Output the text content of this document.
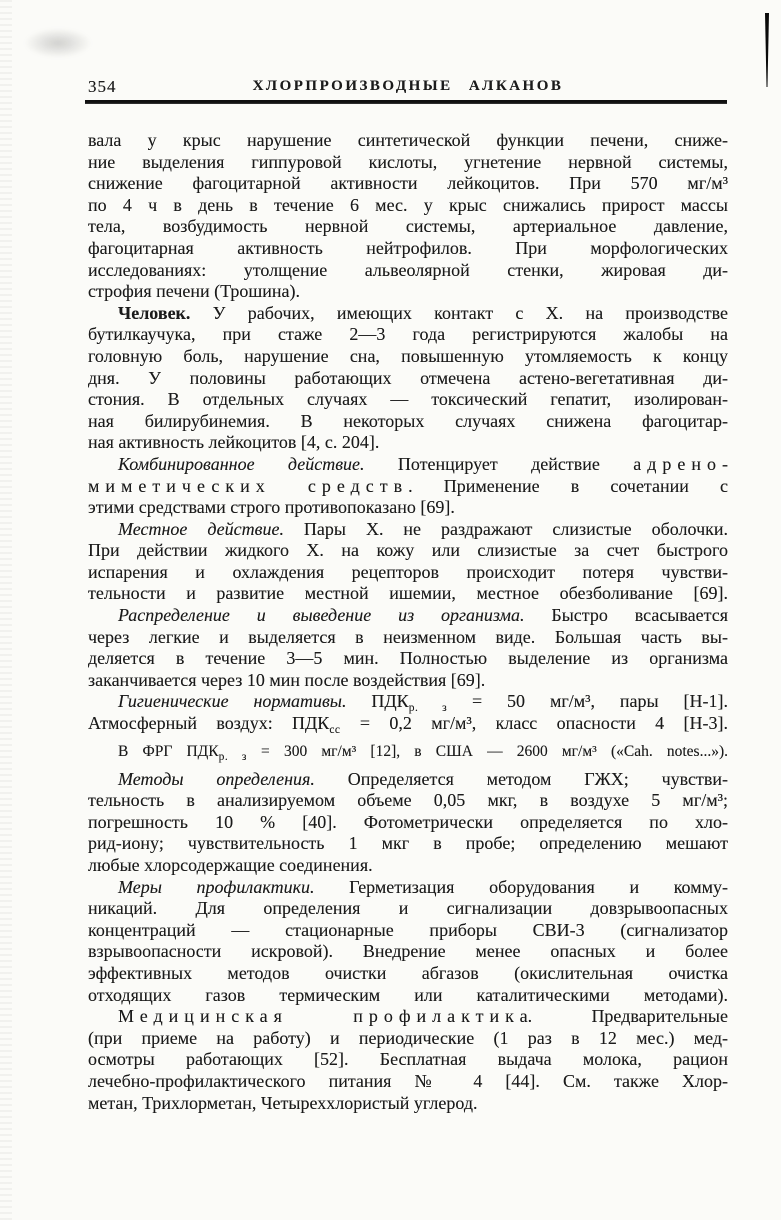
354	ХЛОРПРОИЗВОДНЫЕ АЛКАНОВ
вала у крыс нарушение синтетической функции печени, сниже-
ние выделения гиппуровой кислоты, угнетение нервной системы,
снижение фагоцитарной активности лейкоцитов. При 570 мг/м³
по 4 ч в день в течение 6 мес. у крыс снижались прирост массы
тела, возбудимость нервной системы, артериальное давление,
фагоцитарная активность нейтрофилов. При морфологических
исследованиях: утолщение альвеолярной стенки, жировая ди-
строфия печени (Трошина).
Человек. У рабочих, имеющих контакт с Х. на производстве
бутилкаучука, при стаже 2—3 года регистрируются жалобы на
головную боль, нарушение сна, повышенную утомляемость к концу
дня. У половины работающих отмечена астено-вегетативная ди-
стония. В отдельных случаях — токсический гепатит, изолирован-
ная билирубинемия. В некоторых случаях снижена фагоцитар-
ная активность лейкоцитов [4, с. 204].
Комбинированное действие. Потенцирует действие адрено-
миметических средств. Применение в сочетании с
этими средствами строго противопоказано [69].
Местное действие. Пары Х. не раздражают слизистые оболочки.
При действии жидкого Х. на кожу или слизистые за счет быстрого
испарения и охлаждения рецепторов происходит потеря чувстви-
тельности и развитие местной ишемии, местное обезболивание [69].
Распределение и выведение из организма. Быстро всасывается
через легкие и выделяется в неизменном виде. Большая часть вы-
деляется в течение 3—5 мин. Полностью выделение из организма
заканчивается через 10 мин после воздействия [69].
Гигиенические нормативы. $ПДК_{р. з} = 50$ мг/м³, пары [Н-1].
Атмосферный воздух: $ПДК_{сс} = 0,2$ мг/м³, класс опасности 4 [Н-3].
В ФРГ $ПДК_{р. з} = 300$ мг/м³ [12], в США — 2600 мг/м³ («Cah. notes...»).
Методы определения. Определяется методом ГЖХ; чувстви-
тельность в анализируемом объеме 0,05 мкг, в воздухе 5 мг/м³;
погрешность 10 % [40]. Фотометрически определяется по хло-
рид-иону; чувствительность 1 мкг в пробе; определению мешают
любые хлорсодержащие соединения.
Меры профилактики. Герметизация оборудования и комму-
никаций. Для определения и сигнализации довзрывоопасных
концентраций — стационарные приборы СВИ-3 (сигнализатор
взрывоопасности искровой). Внедрение менее опасных и более
эффективных методов очистки абгазов (окислительная очистка
отходящих газов термическим или каталитическими методами).
Медицинская профилактика. Предварительные
(при приеме на работу) и периодические (1 раз в 12 мес.) мед-
осмотры работающих [52]. Бесплатная выдача молока, рацион
лечебно-профилактического питания № 4 [44]. См. также Хлор-
метан, Трихлорметан, Четыреххлористый углерод.
